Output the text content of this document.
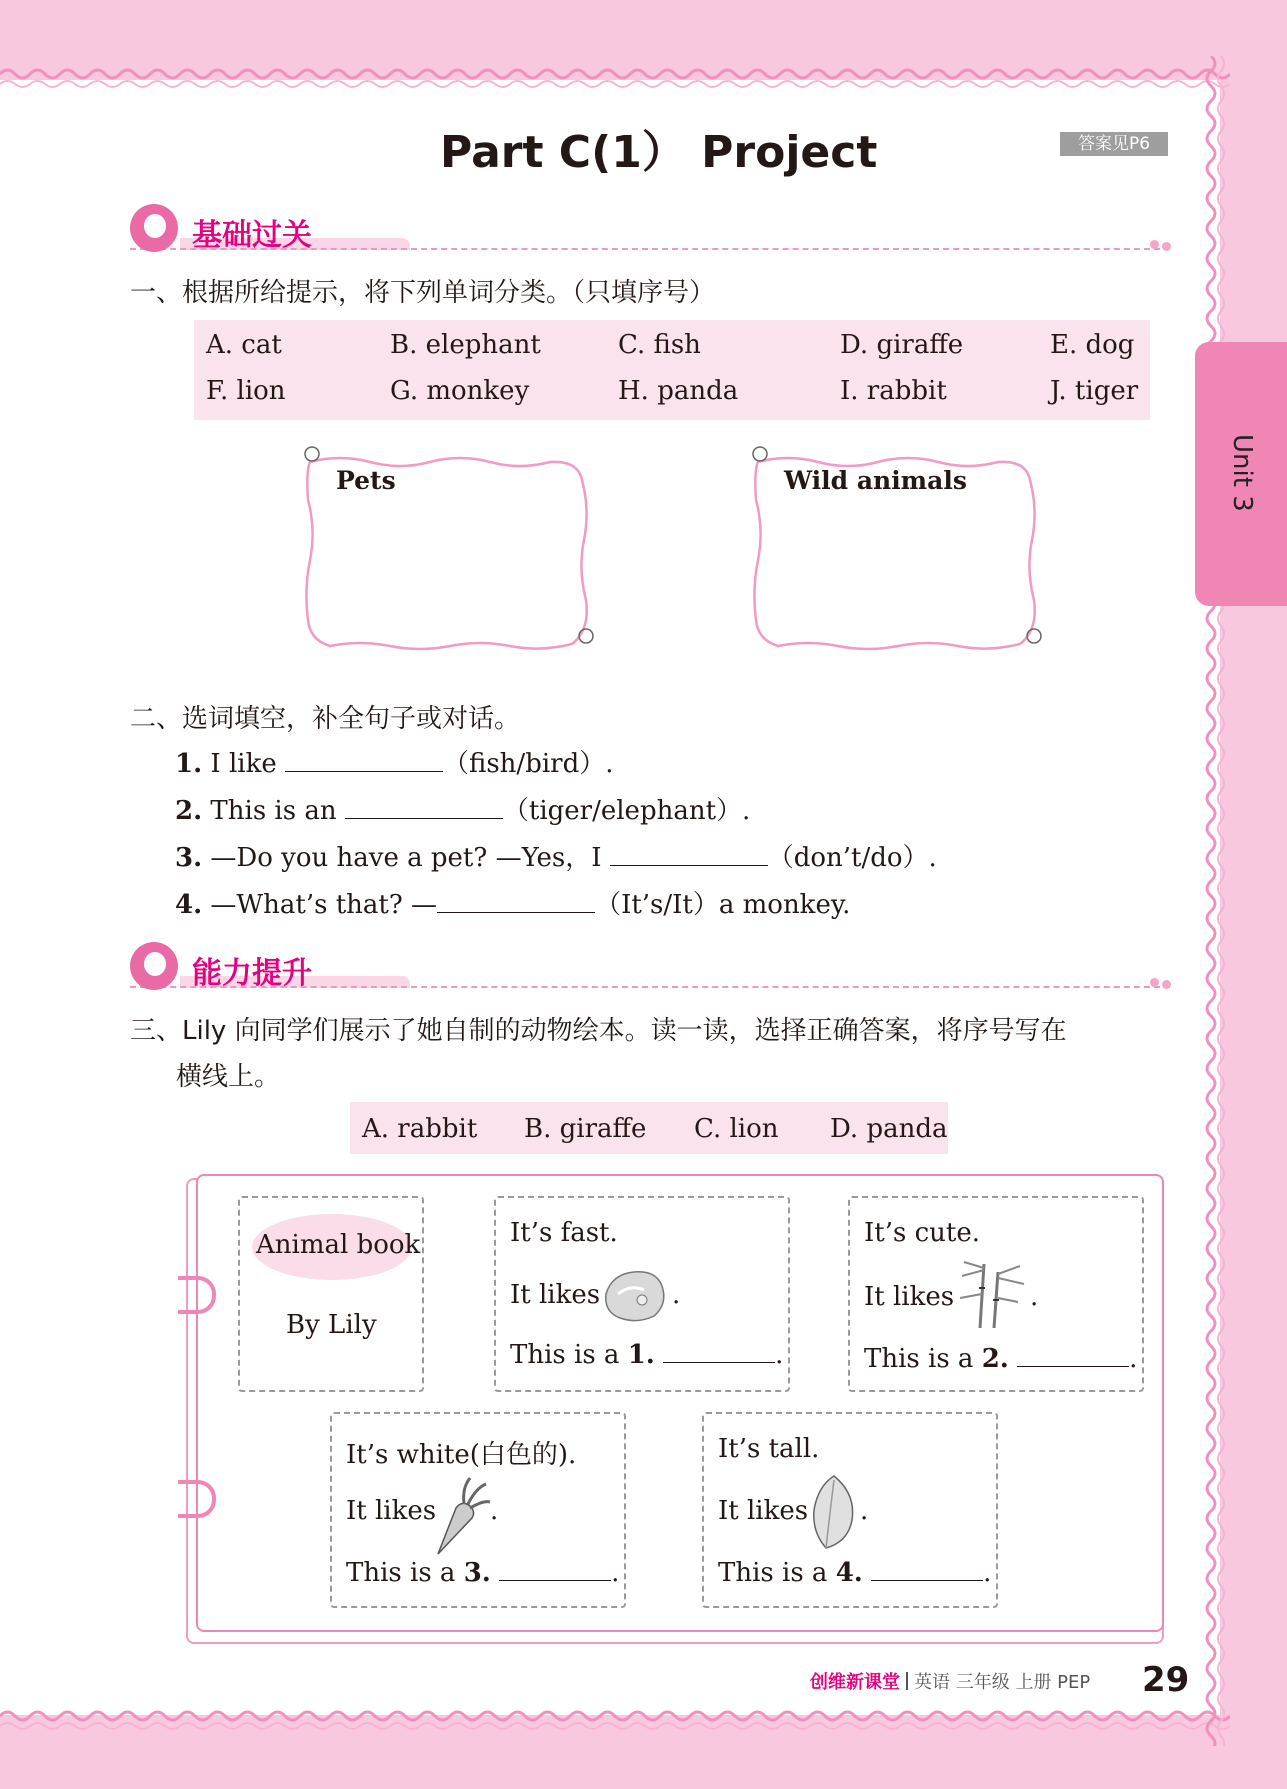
Part C(1） Project	答案见P6
Unit 3
基础过关
一、根据所给提示，将下列单词分类。（只填序号）
A. cat	B. elephant	C. fish	D. giraffe	E. dog
F. lion	G. monkey	H. panda	I. rabbit	J. tiger
Pets	Wild animals
二、选词填空，补全句子或对话。
1. I like	（fish/bird）.
2. This is an	（tiger/elephant）.
3. —Do you have a pet? —Yes，I	（don’t/do）.
4. —What’s that? —	（It’s/It）a monkey.
能力提升
三、Lily 向同学们展示了她自制的动物绘本。读一读，选择正确答案，将序号写在
横线上。
A. rabbit B. giraffe C. lion D. panda
Animal book
By Lily
It’s fast.
It likes	.
This is a 1.	.
It’s cute.
It likes	.
This is a 2.	.
It’s white(白色的).
It likes .
This is a 3.	.
It’s tall.
It likes .
This is a 4.	.
创维新课堂 英语 三年级 上册 PEP 29
